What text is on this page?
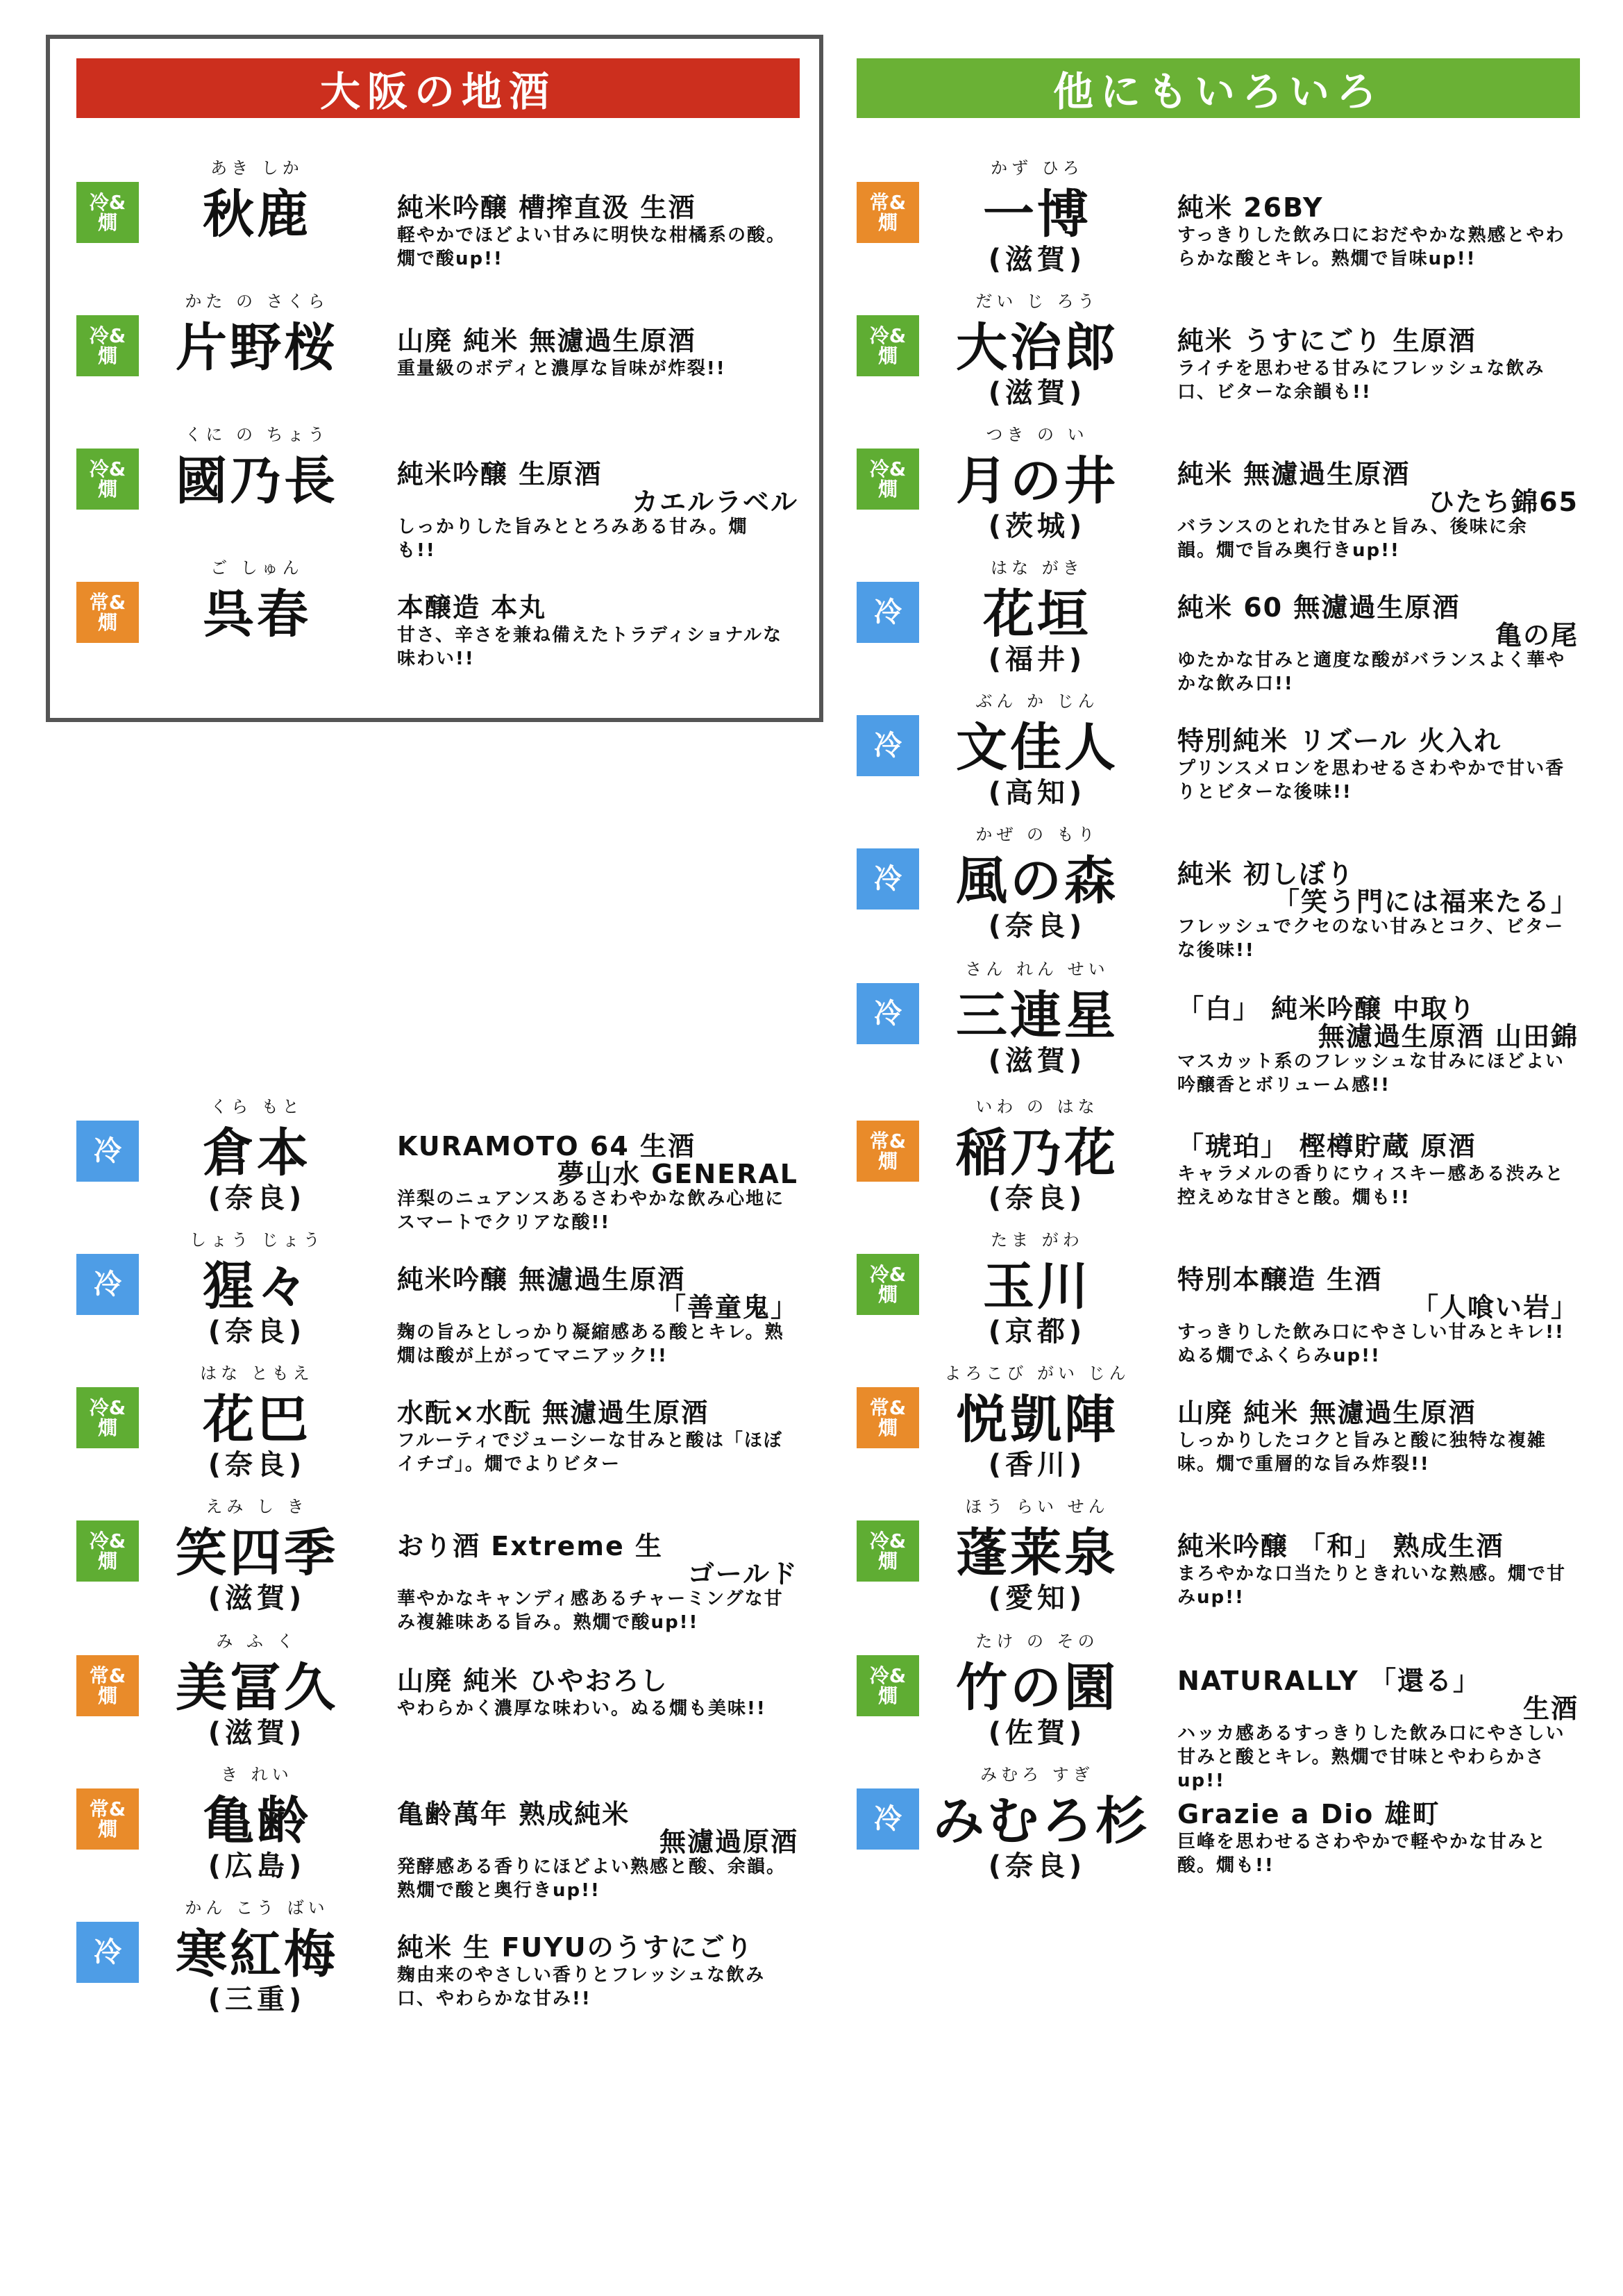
大阪の地酒	他にもいろいろ
冷&
燗
あき しか
秋鹿	純米吟醸 槽搾直汲 生酒
軽やかでほどよい甘みに明快な柑橘系の酸。燗で酸up!!
冷&
燗
かた の さくら
片野桜	山廃 純米 無濾過生原酒
重量級のボディと濃厚な旨味が炸裂!!
冷&
燗
くに の ちょう
國乃長	純米吟醸 生原酒
カエルラベル
しっかりした旨みととろみある甘み。燗も!!
常&
燗
ご しゅん
呉春	本醸造 本丸
甘さ、辛さを兼ね備えたトラディショナルな味わい!!
冷
くら もと
倉本
(奈良)
KURAMOTO 64 生酒
夢山水 GENERAL
洋梨のニュアンスあるさわやかな飲み心地にスマートでクリアな酸!!
冷
しょう じょう
猩々
(奈良)
純米吟醸 無濾過生原酒
「善童鬼」
麹の旨みとしっかり凝縮感ある酸とキレ。熟燗は酸が上がってマニアック!!
冷&
燗
はな ともえ
花巴
(奈良)
水酛×水酛 無濾過生原酒
フルーティでジューシーな甘みと酸は「ほぼイチゴ」。燗でよりビター
冷&
燗
えみ し き
笑四季
(滋賀)
おり酒 Extreme 生
ゴールド
華やかなキャンディ感あるチャーミングな甘み複雑味ある旨み。熟燗で酸up!!
常&
燗
み ふ く
美冨久
(滋賀)
山廃 純米 ひやおろし
やわらかく濃厚な味わい。ぬる燗も美味!!
常&
燗
き れい
亀齢
(広島)
亀齢萬年 熟成純米
無濾過原酒
発酵感ある香りにほどよい熟感と酸、余韻。熟燗で酸と奥行きup!!
冷
かん こう ばい
寒紅梅
(三重)
純米 生 FUYUのうすにごり
麹由来のやさしい香りとフレッシュな飲み口、やわらかな甘み!!
常&
燗
かず ひろ
一博
(滋賀)
純米 26BY
すっきりした飲み口におだやかな熟感とやわらかな酸とキレ。熟燗で旨味up!!
冷&
燗
だい じ ろう
大治郎
(滋賀)
純米 うすにごり 生原酒
ライチを思わせる甘みにフレッシュな飲み口、ビターな余韻も!!
冷&
燗
つき の い
月の井
(茨城)
純米 無濾過生原酒
ひたち錦65
バランスのとれた甘みと旨み、後味に余韻。燗で旨み奥行きup!!
冷
はな がき
花垣
(福井)
純米 60 無濾過生原酒
亀の尾
ゆたかな甘みと適度な酸がバランスよく華やかな飲み口!!
冷
ぶん か じん
文佳人
(高知)
特別純米 リズール 火入れ
プリンスメロンを思わせるさわやかで甘い香りとビターな後味!!
冷
かぜ の もり
風の森
(奈良)
純米 初しぼり
「笑う門には福来たる」
フレッシュでクセのない甘みとコク、ビターな後味!!
冷
さん れん せい
三連星
(滋賀)
「白」 純米吟醸 中取り
無濾過生原酒 山田錦
マスカット系のフレッシュな甘みにほどよい吟醸香とボリューム感!!
常&
燗
いわ の はな
稲乃花
(奈良)
「琥珀」 樫樽貯蔵 原酒
キャラメルの香りにウィスキー感ある渋みと控えめな甘さと酸。燗も!!
冷&
燗
たま がわ
玉川
(京都)
特別本醸造 生酒
「人喰い岩」
すっきりした飲み口にやさしい甘みとキレ!!ぬる燗でふくらみup!!
常&
燗
よろこび がい じん
悦凱陣
(香川)
山廃 純米 無濾過生原酒
しっかりしたコクと旨みと酸に独特な複雑味。燗で重層的な旨み炸裂!!
冷&
燗
ほう らい せん
蓬莱泉
(愛知)
純米吟醸 「和」 熟成生酒
まろやかな口当たりときれいな熟感。燗で甘みup!!
冷&
燗
たけ の その
竹の園
(佐賀)
NATURALLY 「還る」
生酒
ハッカ感あるすっきりした飲み口にやさしい甘みと酸とキレ。熟燗で甘味とやわらかさup!!
冷
みむろ すぎ
みむろ杉
(奈良)
Grazie a Dio 雄町
巨峰を思わせるさわやかで軽やかな甘みと酸。燗も!!
